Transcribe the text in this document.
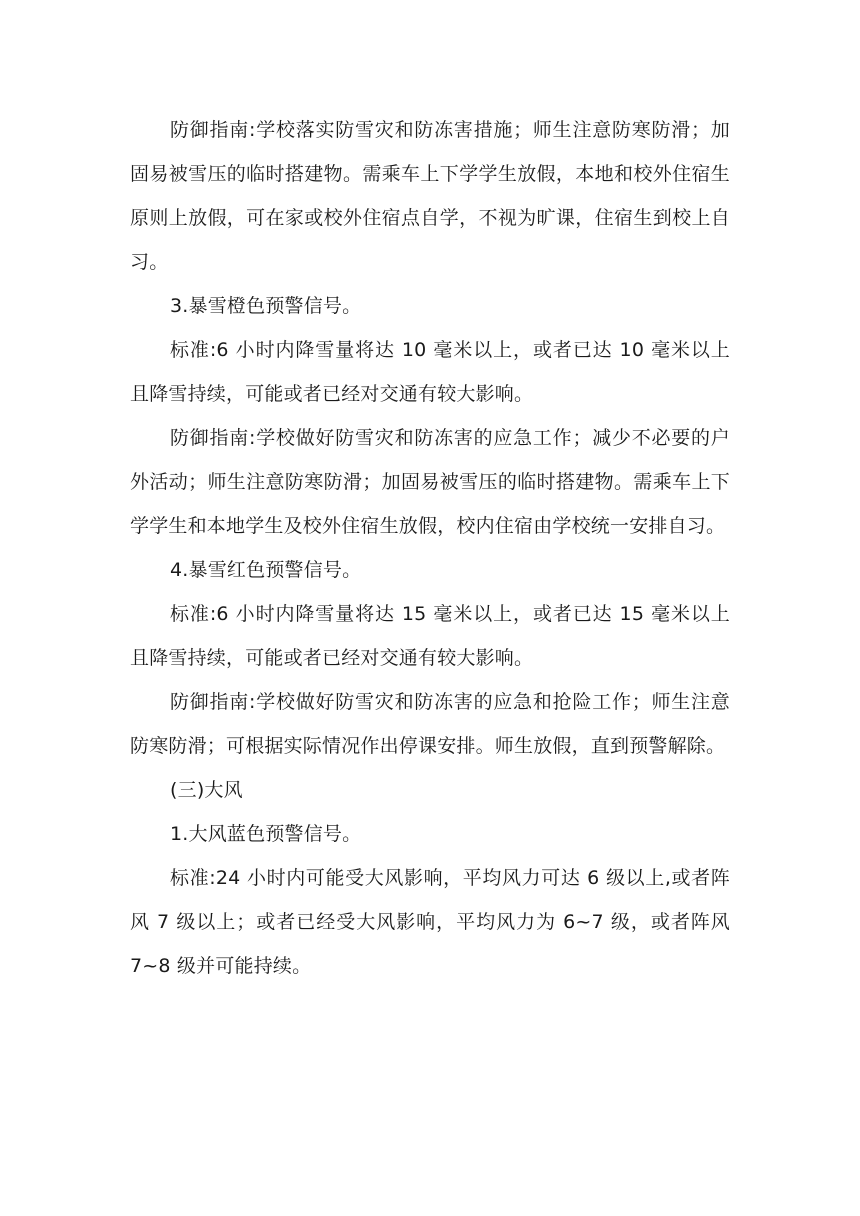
防御指南:学校落实防雪灾和防冻害措施；师生注意防寒防滑；加固易被雪压的临时搭建物。需乘车上下学学生放假，本地和校外住宿生原则上放假，可在家或校外住宿点自学，不视为旷课，住宿生到校上自习。

3.暴雪橙色预警信号。

标准:6 小时内降雪量将达 10 毫米以上，或者已达 10 毫米以上且降雪持续，可能或者已经对交通有较大影响。

防御指南:学校做好防雪灾和防冻害的应急工作；减少不必要的户外活动；师生注意防寒防滑；加固易被雪压的临时搭建物。需乘车上下学学生和本地学生及校外住宿生放假，校内住宿由学校统一安排自习。

4.暴雪红色预警信号。

标准:6 小时内降雪量将达 15 毫米以上，或者已达 15 毫米以上且降雪持续，可能或者已经对交通有较大影响。

防御指南:学校做好防雪灾和防冻害的应急和抢险工作；师生注意防寒防滑；可根据实际情况作出停课安排。师生放假，直到预警解除。

(三)大风

1.大风蓝色预警信号。

标准:24 小时内可能受大风影响，平均风力可达 6 级以上,或者阵风 7 级以上；或者已经受大风影响，平均风力为 6~7 级，或者阵风 7~8 级并可能持续。
